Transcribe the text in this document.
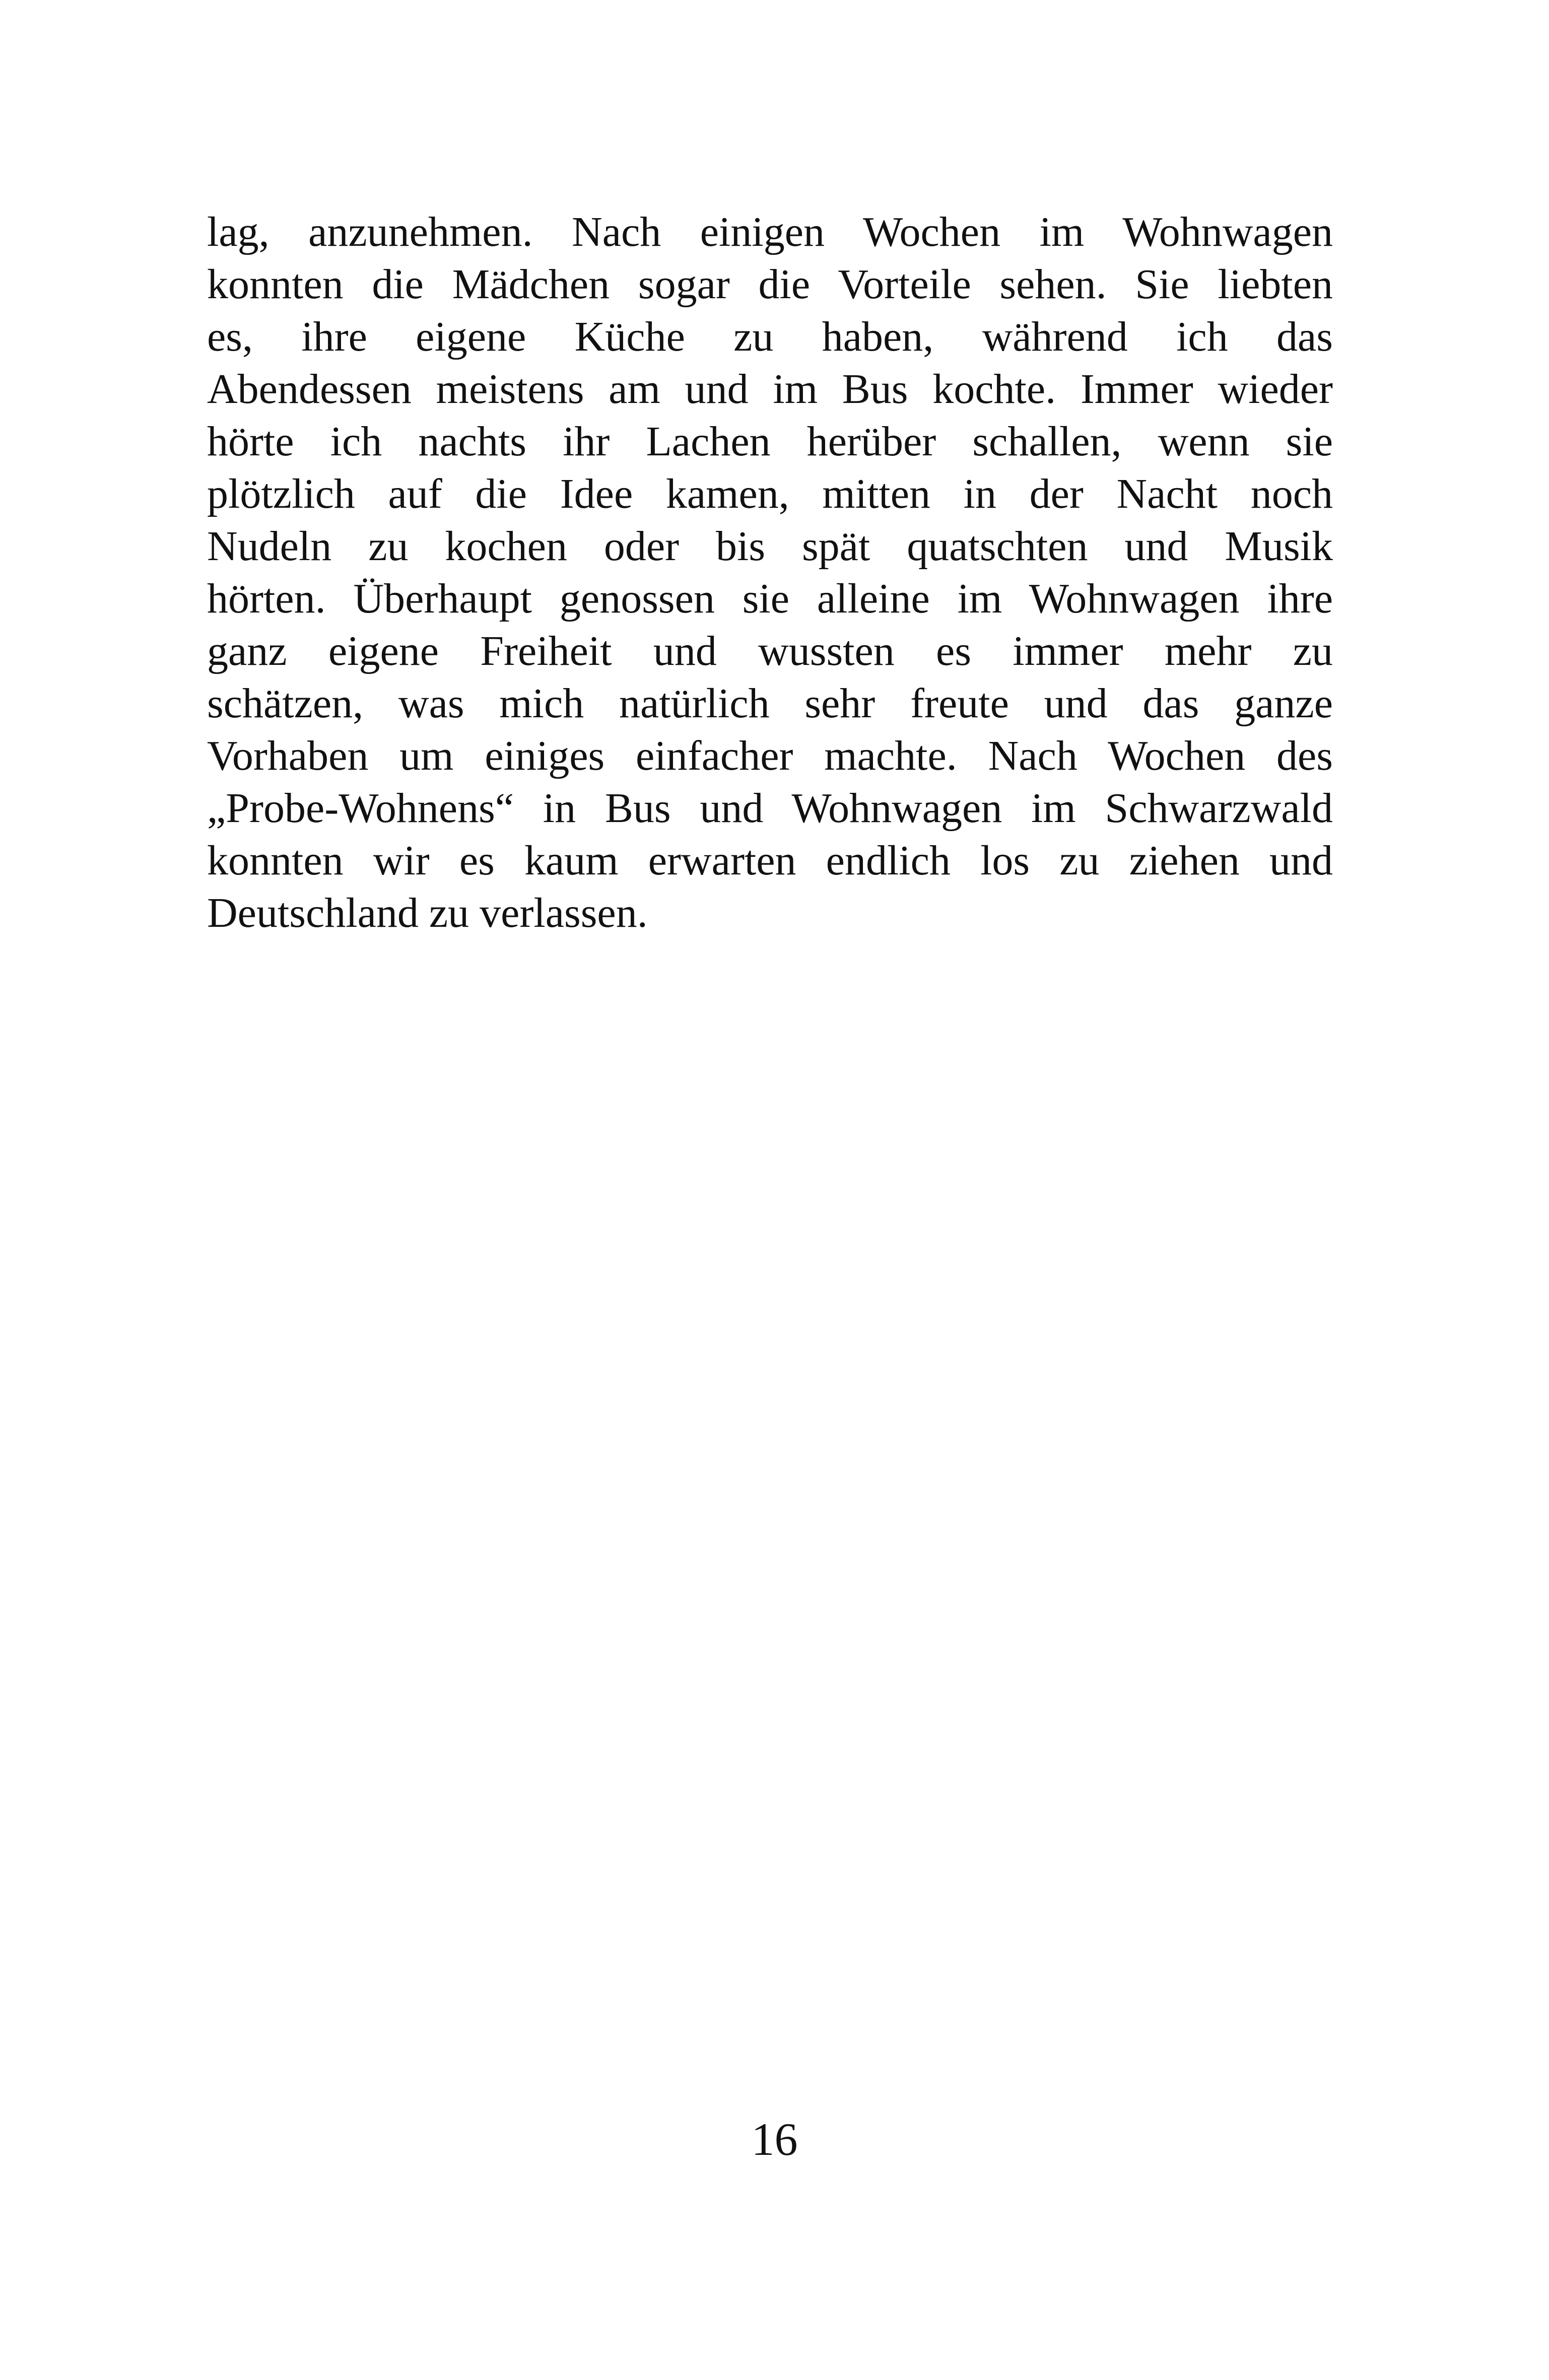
lag, anzunehmen. Nach einigen Wochen im Wohnwagen
konnten die Mädchen sogar die Vorteile sehen. Sie liebten
es, ihre eigene Küche zu haben, während ich das
Abendessen meistens am und im Bus kochte. Immer wieder
hörte ich nachts ihr Lachen herüber schallen, wenn sie
plötzlich auf die Idee kamen, mitten in der Nacht noch
Nudeln zu kochen oder bis spät quatschten und Musik
hörten. Überhaupt genossen sie alleine im Wohnwagen ihre
ganz eigene Freiheit und wussten es immer mehr zu
schätzen, was mich natürlich sehr freute und das ganze
Vorhaben um einiges einfacher machte. Nach Wochen des
„Probe-Wohnens“ in Bus und Wohnwagen im Schwarzwald
konnten wir es kaum erwarten endlich los zu ziehen und
Deutschland zu verlassen.
16
